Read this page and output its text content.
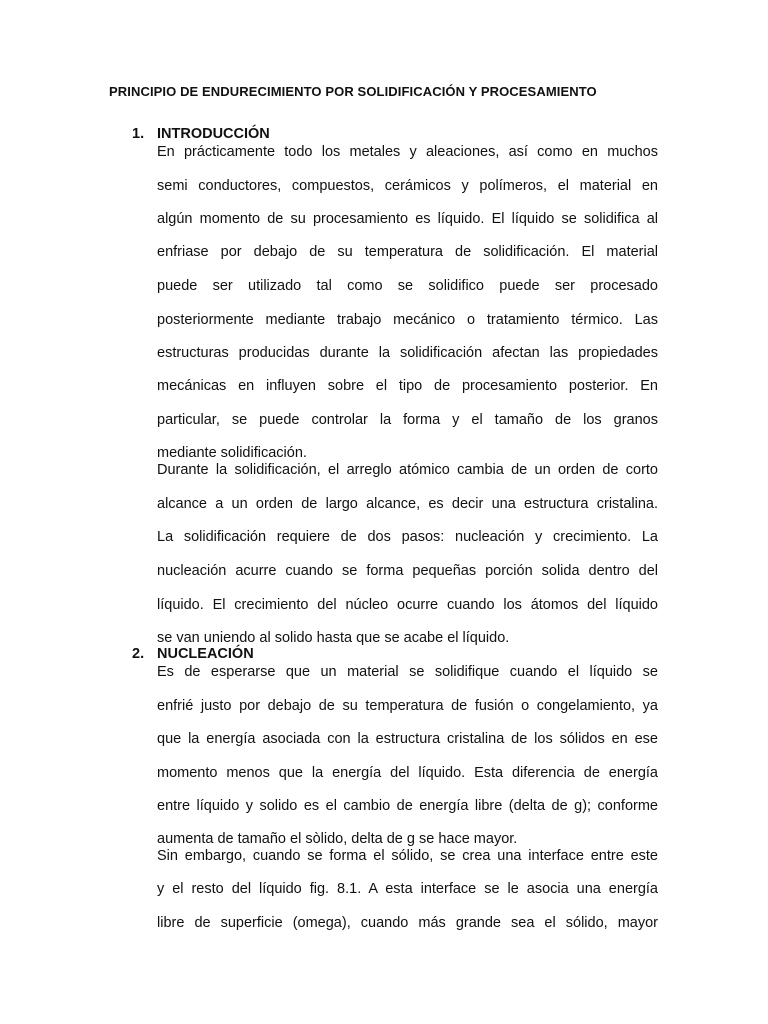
PRINCIPIO DE ENDURECIMIENTO POR SOLIDIFICACIÓN Y PROCESAMIENTO
1. INTRODUCCIÓN
En prácticamente todo los metales y aleaciones, así como en muchos
semi conductores, compuestos, cerámicos y polímeros, el material en
algún momento de su procesamiento es líquido. El líquido se solidifica al
enfriase por debajo de su temperatura de solidificación. El material
puede ser utilizado tal como se solidifico puede ser procesado
posteriormente mediante trabajo mecánico o tratamiento térmico. Las
estructuras producidas durante la solidificación afectan las propiedades
mecánicas en influyen sobre el tipo de procesamiento posterior. En
particular, se puede controlar la forma y el tamaño de los granos
mediante solidificación.
Durante la solidificación, el arreglo atómico cambia de un orden de corto
alcance a un orden de largo alcance, es decir una estructura cristalina.
La solidificación requiere de dos pasos: nucleación y crecimiento. La
nucleación acurre cuando se forma pequeñas porción solida dentro del
líquido. El crecimiento del núcleo ocurre cuando los átomos del líquido
se van uniendo al solido hasta que se acabe el líquido.
2. NUCLEACIÓN
Es de esperarse que un material se solidifique cuando el líquido se
enfrié justo por debajo de su temperatura de fusión o congelamiento, ya
que la energía asociada con la estructura cristalina de los sólidos en ese
momento menos que la energía del líquido. Esta diferencia de energía
entre líquido y solido es el cambio de energía libre (delta de g); conforme
aumenta de tamaño el sòlido, delta de g se hace mayor.
Sin embargo, cuando se forma el sólido, se crea una interface entre este
y el resto del líquido fig. 8.1. A esta interface se le asocia una energía
libre de superficie (omega), cuando más grande sea el sólido, mayor
